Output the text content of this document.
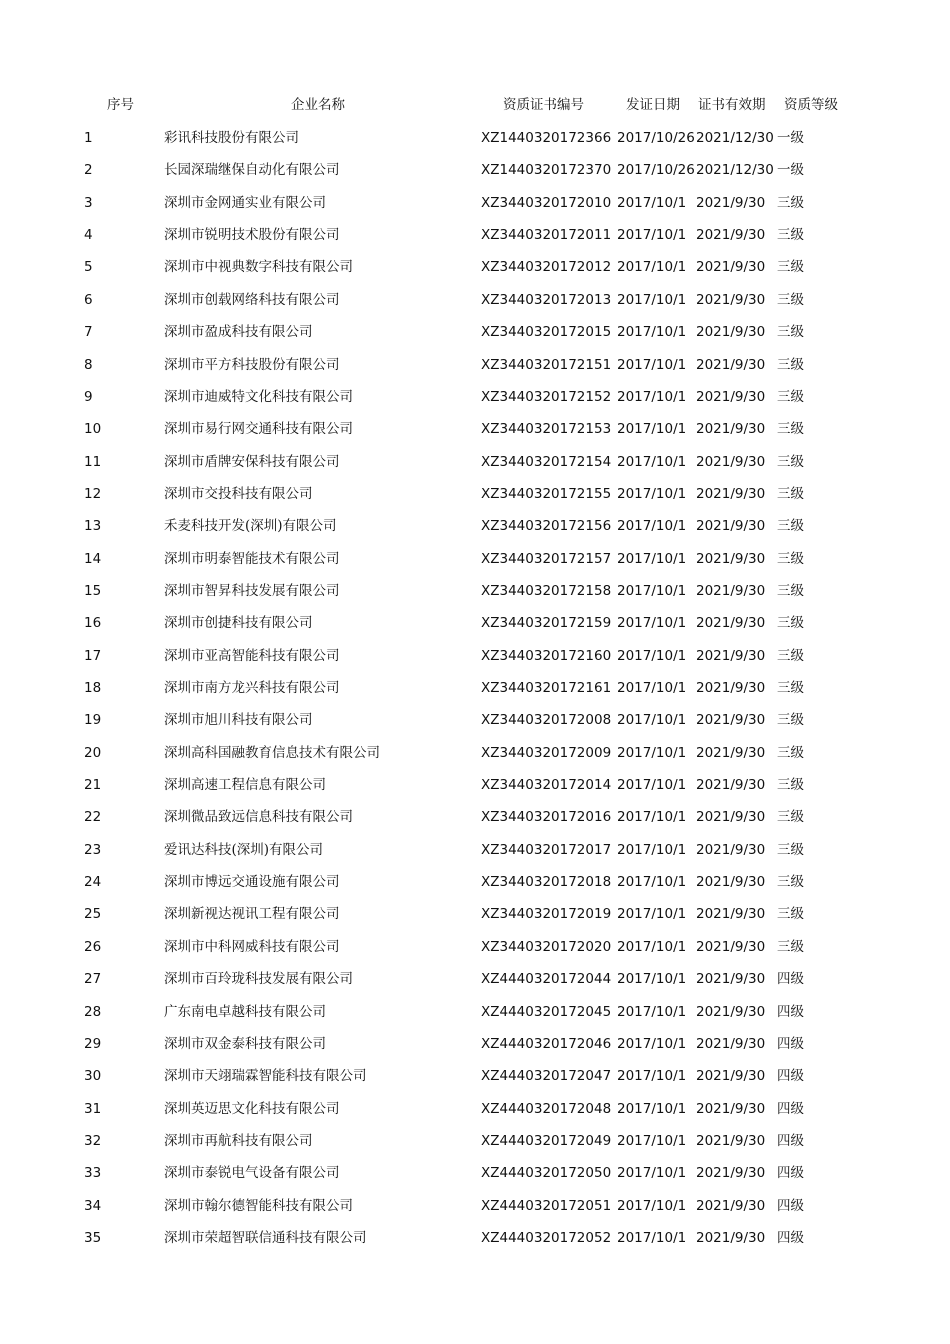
序号	企业名称	资质证书编号	发证日期 证书有效期 资质等级
1	彩讯科技股份有限公司	XZ1440320172366 2017/10/26 2021/12/30 一级
2	长园深瑞继保自动化有限公司	XZ1440320172370 2017/10/26 2021/12/30 一级
3	深圳市金网通实业有限公司	XZ3440320172010 2017/10/1 2021/9/30 三级
4	深圳市锐明技术股份有限公司	XZ3440320172011 2017/10/1 2021/9/30 三级
5	深圳市中视典数字科技有限公司	XZ3440320172012 2017/10/1 2021/9/30 三级
6	深圳市创载网络科技有限公司	XZ3440320172013 2017/10/1 2021/9/30 三级
7	深圳市盈成科技有限公司	XZ3440320172015 2017/10/1 2021/9/30 三级
8	深圳市平方科技股份有限公司	XZ3440320172151 2017/10/1 2021/9/30 三级
9	深圳市迪威特文化科技有限公司	XZ3440320172152 2017/10/1 2021/9/30 三级
10	深圳市易行网交通科技有限公司	XZ3440320172153 2017/10/1 2021/9/30 三级
11	深圳市盾牌安保科技有限公司	XZ3440320172154 2017/10/1 2021/9/30 三级
12	深圳市交投科技有限公司	XZ3440320172155 2017/10/1 2021/9/30 三级
13	禾麦科技开发(深圳)有限公司	XZ3440320172156 2017/10/1 2021/9/30 三级
14	深圳市明泰智能技术有限公司	XZ3440320172157 2017/10/1 2021/9/30 三级
15	深圳市智昇科技发展有限公司	XZ3440320172158 2017/10/1 2021/9/30 三级
16	深圳市创捷科技有限公司	XZ3440320172159 2017/10/1 2021/9/30 三级
17	深圳市亚高智能科技有限公司	XZ3440320172160 2017/10/1 2021/9/30 三级
18	深圳市南方龙兴科技有限公司	XZ3440320172161 2017/10/1 2021/9/30 三级
19	深圳市旭川科技有限公司	XZ3440320172008 2017/10/1 2021/9/30 三级
20	深圳高科国融教育信息技术有限公司	XZ3440320172009 2017/10/1 2021/9/30 三级
21	深圳高速工程信息有限公司	XZ3440320172014 2017/10/1 2021/9/30 三级
22	深圳微品致远信息科技有限公司	XZ3440320172016 2017/10/1 2021/9/30 三级
23	爱讯达科技(深圳)有限公司	XZ3440320172017 2017/10/1 2021/9/30 三级
24	深圳市博远交通设施有限公司	XZ3440320172018 2017/10/1 2021/9/30 三级
25	深圳新视达视讯工程有限公司	XZ3440320172019 2017/10/1 2021/9/30 三级
26	深圳市中科网威科技有限公司	XZ3440320172020 2017/10/1 2021/9/30 三级
27	深圳市百玲珑科技发展有限公司	XZ4440320172044 2017/10/1 2021/9/30 四级
28	广东南电卓越科技有限公司	XZ4440320172045 2017/10/1 2021/9/30 四级
29	深圳市双金泰科技有限公司	XZ4440320172046 2017/10/1 2021/9/30 四级
30	深圳市天翊瑞霖智能科技有限公司	XZ4440320172047 2017/10/1 2021/9/30 四级
31	深圳英迈思文化科技有限公司	XZ4440320172048 2017/10/1 2021/9/30 四级
32	深圳市再航科技有限公司	XZ4440320172049 2017/10/1 2021/9/30 四级
33	深圳市泰锐电气设备有限公司	XZ4440320172050 2017/10/1 2021/9/30 四级
34	深圳市翰尔德智能科技有限公司	XZ4440320172051 2017/10/1 2021/9/30 四级
35	深圳市荣超智联信通科技有限公司	XZ4440320172052 2017/10/1 2021/9/30 四级
